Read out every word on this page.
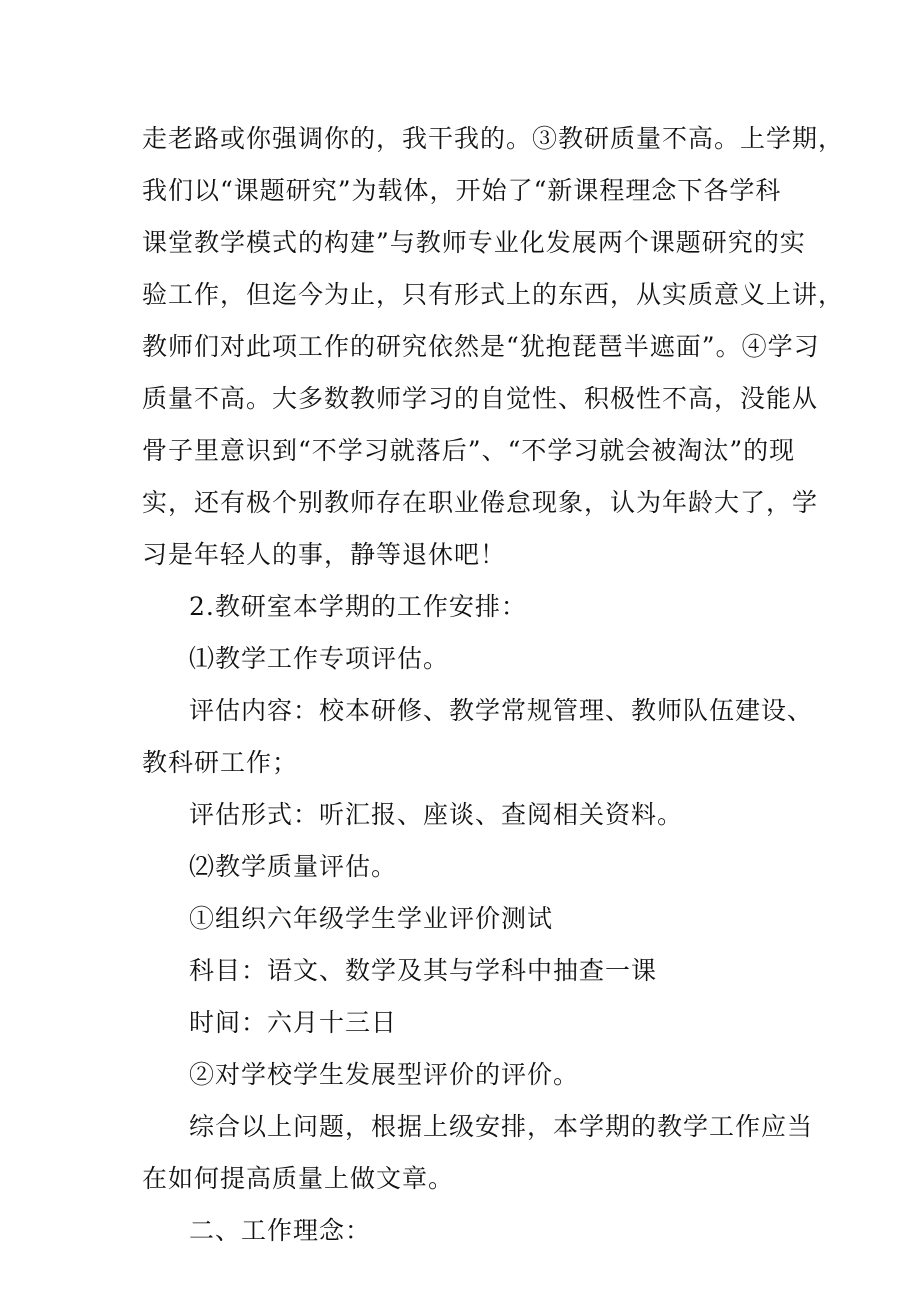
走老路或你强调你的，我干我的。③教研质量不高。上学期，
我们以“课题研究”为载体，开始了“新课程理念下各学科
课堂教学模式的构建”与教师专业化发展两个课题研究的实
验工作，但迄今为止，只有形式上的东西，从实质意义上讲，
教师们对此项工作的研究依然是“犹抱琵琶半遮面”。④学习
质量不高。大多数教师学习的自觉性、积极性不高，没能从
骨子里意识到“不学习就落后”、“不学习就会被淘汰”的现
实，还有极个别教师存在职业倦怠现象，认为年龄大了，学
习是年轻人的事，静等退休吧！
2.教研室本学期的工作安排：
⑴教学工作专项评估。
评估内容：校本研修、教学常规管理、教师队伍建设、
教科研工作；
评估形式：听汇报、座谈、查阅相关资料。
⑵教学质量评估。
①组织六年级学生学业评价测试
科目：语文、数学及其与学科中抽查一课
时间：六月十三日
②对学校学生发展型评价的评价。
综合以上问题，根据上级安排，本学期的教学工作应当
在如何提高质量上做文章。
二、工作理念：
